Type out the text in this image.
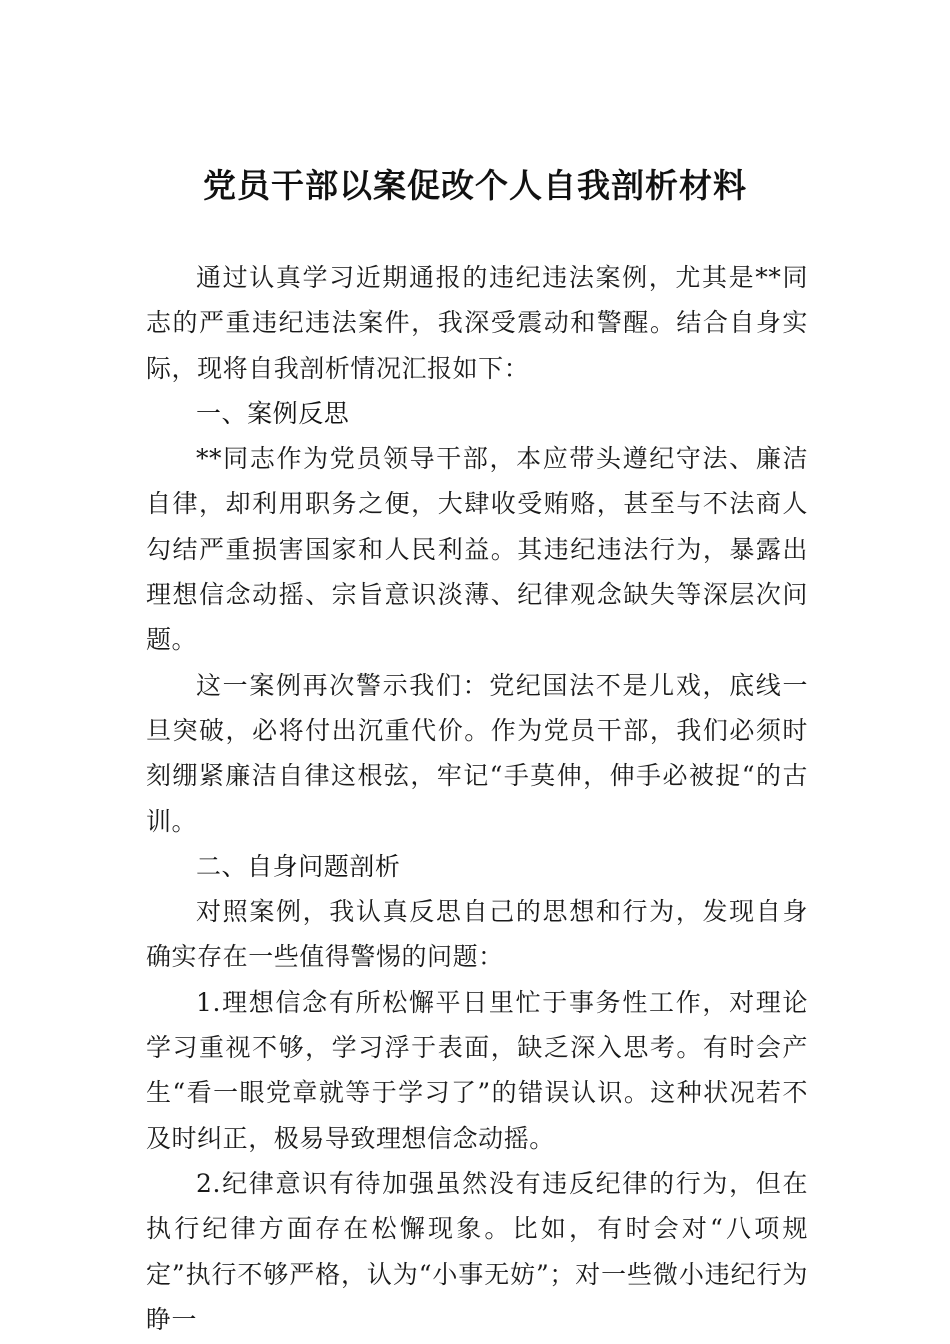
党员干部以案促改个人自我剖析材料

通过认真学习近期通报的违纪违法案例，尤其是**同志的严重违纪违法案件，我深受震动和警醒。结合自身实际，现将自我剖析情况汇报如下：

一、案例反思

**同志作为党员领导干部，本应带头遵纪守法、廉洁自律，却利用职务之便，大肆收受贿赂，甚至与不法商人勾结严重损害国家和人民利益。其违纪违法行为，暴露出理想信念动摇、宗旨意识淡薄、纪律观念缺失等深层次问题。

这一案例再次警示我们：党纪国法不是儿戏，底线一旦突破，必将付出沉重代价。作为党员干部，我们必须时刻绷紧廉洁自律这根弦，牢记“手莫伸，伸手必被捉“的古训。

二、自身问题剖析

对照案例，我认真反思自己的思想和行为，发现自身确实存在一些值得警惕的问题：

1.理想信念有所松懈平日里忙于事务性工作，对理论学习重视不够，学习浮于表面，缺乏深入思考。有时会产生“看一眼党章就等于学习了”的错误认识。这种状况若不及时纠正，极易导致理想信念动摇。

2.纪律意识有待加强虽然没有违反纪律的行为，但在执行纪律方面存在松懈现象。比如，有时会对“八项规定”执行不够严格，认为“小事无妨”；对一些微小违纪行为睁一
